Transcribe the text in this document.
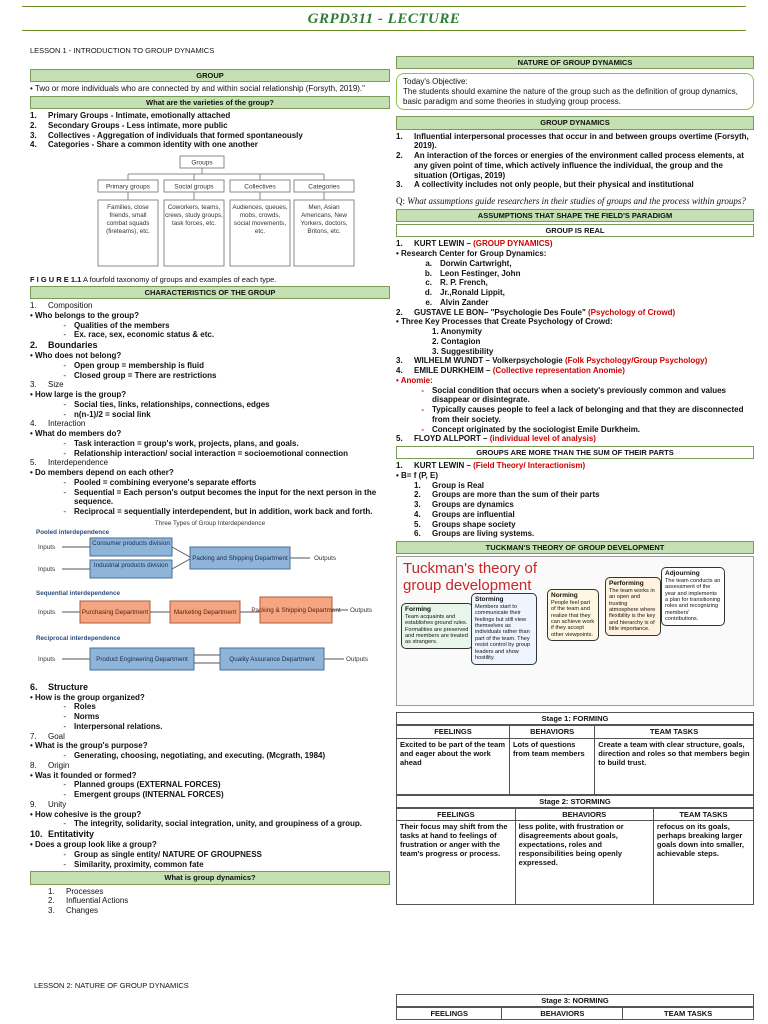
GRPD311 - LECTURE
LESSON 1 - INTRODUCTION TO GROUP DYNAMICS
GROUP
• Two or more individuals who are connected by and within social relationship (Forsyth, 2019)."
What are the varieties of the group?
1.	Primary Groups - Intimate, emotionally attached
2.	Secondary Groups - Less intimate, more public
3.	Collectives - Aggregation of individuals that formed spontaneously
4.	Categories - Share a common identity with one another
Groups
Primary groups
Families, close friends, small combat squads (fireteams), etc.
Social groups
Coworkers, teams, crews, study groups, task forces, etc.
Collectives
Audiences, queues, mobs, crowds, social movements, etc.
Categories
Men, Asian Americans, New Yorkers, doctors, Britons, etc.
F I G U R E 1.1 A fourfold taxonomy of groups and examples of each type.
CHARACTERISTICS OF THE GROUP
1.	Composition
• Who belongs to the group?
-	Qualities of the members
-	Ex. race, sex, economic status & etc.
2.	Boundaries
• Who does not belong?
-	Open group = membership is fluid
-	Closed group = There are restrictions
3.	Size
• How large is the group?
-	Social ties, links, relationships, connections, edges
-	n(n-1)/2 = social link
4.	Interaction
• What do members do?
-	Task interaction = group's work, projects, plans, and goals.
-	Relationship interaction/ social interaction = socioemotional connection
5.	Interdependence
• Do members depend on each other?
-	Pooled = combining everyone's separate efforts
-	Sequential = Each person's output becomes the input for the next person in the sequence.
-	Reciprocal = sequentially interdependent, but in addition, work back and forth.
Three Types of Group Interdependence
Pooled interdependence
Consumer products division
Industrial products division
Packing and Shipping Department
Inputs
Inputs
Outputs
Sequential interdependence
Inputs	Purchasing Department	Marketing Department Packing & Shipping Department Outputs
Reciprocal interdependence
Inputs	Product Engineering Department	Quality Assurance Department	Outputs
6.	Structure
• How is the group organized?
-	Roles
-	Norms
-	Interpersonal relations.
7.	Goal
• What is the group's purpose?
-	Generating, choosing, negotiating, and executing. (Mcgrath, 1984)
8.	Origin
• Was it founded or formed?
-	Planned groups (EXTERNAL FORCES)
-	Emergent groups (INTERNAL FORCES)
9.	Unity
• How cohesive is the group?
-	The integrity, solidarity, social integration, unity, and groupiness of a group.
10. Entitativity
• Does a group look like a group?
-	Group as single entity/ NATURE OF GROUPNESS
-	Similarity, proximity, common fate
What is group dynamics?
1.	Processes
2.	Influential Actions
3.	Changes
LESSON 2: NATURE OF GROUP DYNAMICS
NATURE OF GROUP DYNAMICS
Today's Objective:
The students should examine the nature of the group such as the definition of group dynamics, basic paradigm and some theories in studying group process.
GROUP DYNAMICS
1.	Influential interpersonal processes that occur in and between groups overtime (Forsyth, 2019).
2.	An interaction of the forces or energies of the environment called process elements, at any given point of time, which actively influence the individual, the group and the situation (Ortigas, 2019)
3.	A collectivity includes not only people, but their physical and institutional
Q: What assumptions guide researchers in their studies of groups and the process within groups?
ASSUMPTIONS THAT SHAPE THE FIELD'S PARADIGM
GROUP IS REAL
1.	KURT LEWIN – (GROUP DYNAMICS)
• Research Center for Group Dynamics:
a.	Dorwin Cartwright,
b.	Leon Festinger, John
c.	R. P. French,
d.	Jr.,Ronald Lippit,
e.	Alvin Zander
2.	GUSTAVE LE BON– "Psychologie Des Foule" (Psychology of Crowd)
• Three Key Processes that Create Psychology of Crowd:
1. Anonymity
2. Contagion
3. Suggestibility
3.	WILHELM WUNDT – Volkerpsychologie (Folk Psychology/Group Psychology)
4.	EMILE DURKHEIM – (Collective representation Anomie)
• Anomie:
-	Social condition that occurs when a society's previously common and values disappear or disintegrate.
-	Typically causes people to feel a lack of belonging and that they are disconnected from their society.
-	Concept originated by the sociologist Emile Durkheim.
5.	FLOYD ALLPORT – (individual level of analysis)
GROUPS ARE MORE THAN THE SUM OF THEIR PARTS
1.	KURT LEWIN – (Field Theory/ Interactionism)
• B= f (P, E)
1.	Group is Real
2.	Groups are more than the sum of their parts
3.	Groups are dynamics
4.	Groups are influential
5.	Groups shape society
6.	Groups are living systems.
TUCKMAN'S THEORY OF GROUP DEVELOPMENT
Tuckman's theory of group development
Forming
Team acquaints and establishes ground rules. Formalities are preserved and members are treated as strangers.
Storming
Members start to communicate their feelings but still view themselves as individuals rather than part of the team. They resist control by group leaders and show hostility.
Norming
People feel part of the team and realize that they can achieve work if they accept other viewpoints.
Performing
The team works in an open and trusting atmosphere where flexibility is the key and hierarchy is of little importance.
Adjourning
The team conducts an assessment of the year and implements a plan for transitioning roles and recognizing members' contributions.
Stage 1: FORMING
FEELINGS	BEHAVIORS	TEAM TASKS
Excited to be part of the team and eager about the work ahead	Lots of questions from team members	Create a team with clear structure, goals, direction and roles so that members begin to build trust.
Stage 2: STORMING
FEELINGS	BEHAVIORS	TEAM TASKS
Their focus may shift from the tasks at hand to feelings of frustration or anger with the team's progress or process.	less polite, with frustration or disagreements about goals, expectations, roles and responsibilities being openly expressed.	refocus on its goals, perhaps breaking larger goals down into smaller, achievable steps.
Stage 3: NORMING
FEELINGS	BEHAVIORS	TEAM TASKS
